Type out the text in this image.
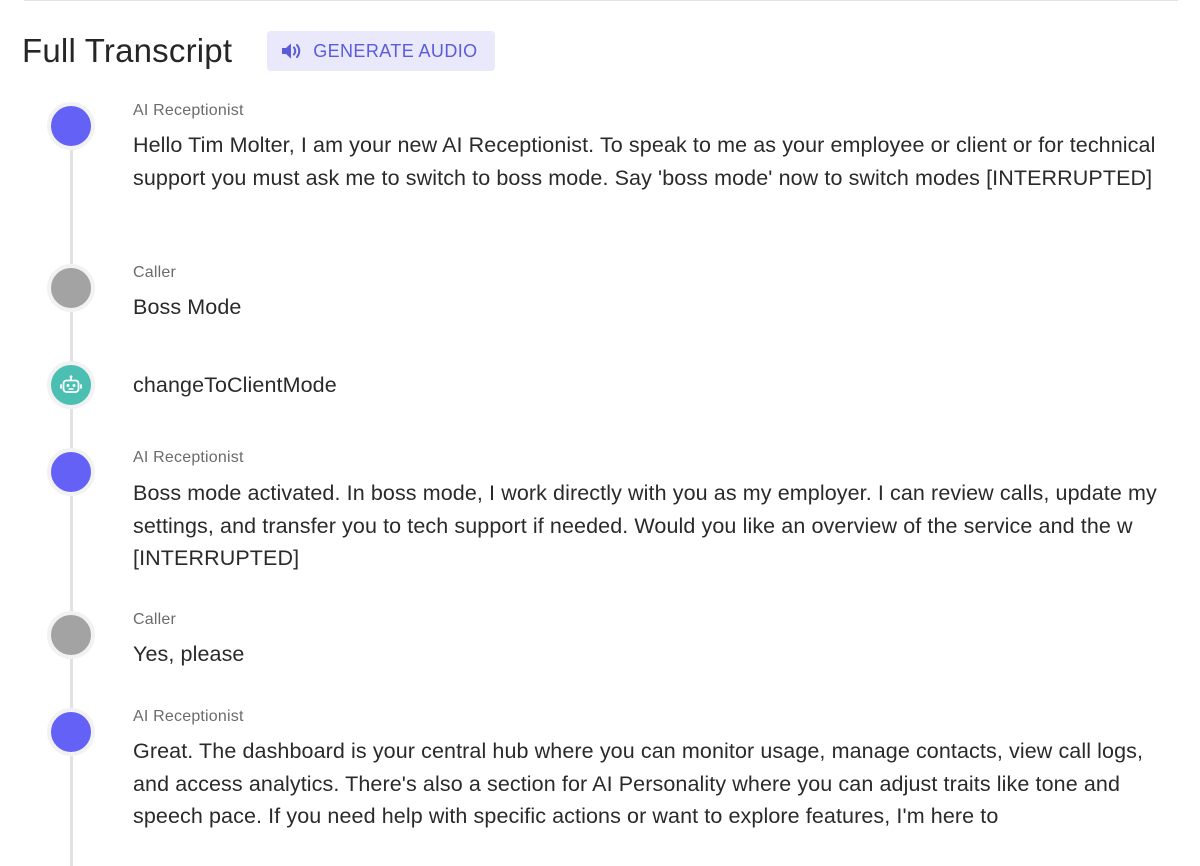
Full Transcript	GENERATE AUDIO
AI Receptionist
Hello Tim Molter, I am your new AI Receptionist. To speak to me as your employee or client or for technical support you must ask me to switch to boss mode. Say 'boss mode' now to switch modes [INTERRUPTED]
Caller
Boss Mode
changeToClientMode
AI Receptionist
Boss mode activated. In boss mode, I work directly with you as my employer. I can review calls, update my settings, and transfer you to tech support if needed. Would you like an overview of the service and the w [INTERRUPTED]
Caller
Yes, please
AI Receptionist
Great. The dashboard is your central hub where you can monitor usage, manage contacts, view call logs, and access analytics. There's also a section for AI Personality where you can adjust traits like tone and speech pace. If you need help with specific actions or want to explore features, I'm here to
